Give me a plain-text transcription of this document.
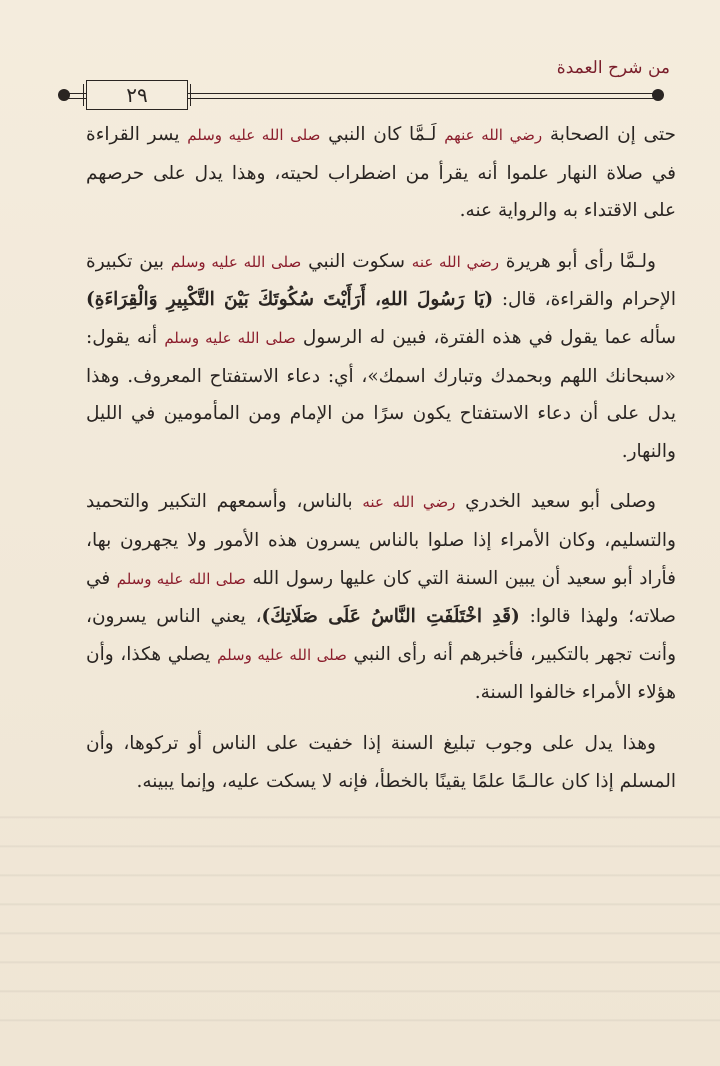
من شرح العمدة
٢٩

حتى إن الصحابة رضي الله عنهم لَـمَّا كان النبي صلى الله عليه وسلم يسر القراءة في صلاة النهار علموا أنه يقرأ من اضطراب لحيته، وهذا يدل على حرصهم على الاقتداء به والرواية عنه.

ولـمَّا رأى أبو هريرة رضي الله عنه سكوت النبي صلى الله عليه وسلم بين تكبيرة الإحرام والقراءة، قال: (يَا رَسُولَ اللهِ، أَرَأَيْتَ سُكُوتَكَ بَيْنَ التَّكْبِيرِ وَالْقِرَاءَةِ) سأله عما يقول في هذه الفترة، فبين له الرسول صلى الله عليه وسلم أنه يقول: «سبحانك اللهم وبحمدك وتبارك اسمك»، أي: دعاء الاستفتاح المعروف. وهذا يدل على أن دعاء الاستفتاح يكون سرًا من الإمام ومن المأمومين في الليل والنهار.

وصلى أبو سعيد الخدري رضي الله عنه بالناس، وأسمعهم التكبير والتحميد والتسليم، وكان الأمراء إذا صلوا بالناس يسرون هذه الأمور ولا يجهرون بها، فأراد أبو سعيد أن يبين السنة التي كان عليها رسول الله صلى الله عليه وسلم في صلاته؛ ولهذا قالوا: (قَدِ اخْتَلَفَتِ النَّاسُ عَلَى صَلَاتِكَ)، يعني الناس يسرون، وأنت تجهر بالتكبير، فأخبرهم أنه رأى النبي صلى الله عليه وسلم يصلي هكذا، وأن هؤلاء الأمراء خالفوا السنة.

وهذا يدل على وجوب تبليغ السنة إذا خفيت على الناس أو تركوها، وأن المسلم إذا كان عالـمًا علمًا يقينًا بالخطأ، فإنه لا يسكت عليه، وإنما يبينه.
